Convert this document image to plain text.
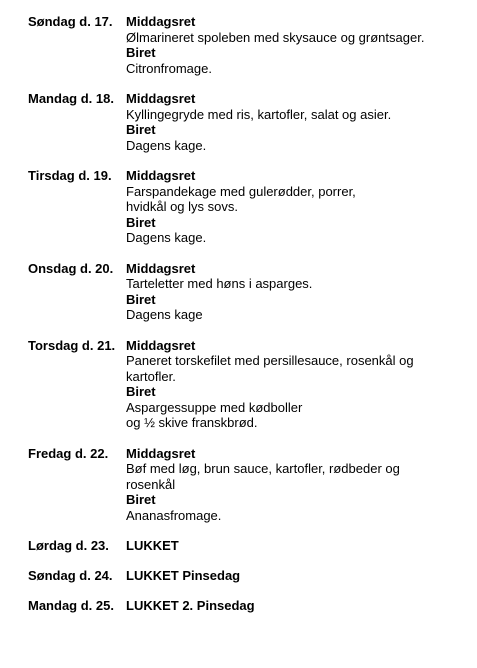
Søndag d. 17.	Middagsret
Ølmarineret spoleben med skysauce og grøntsager.
Biret
Citronfromage.
Mandag d. 18. Middagsret
Kyllingegryde med ris, kartofler, salat og asier.
Biret
Dagens kage.
Tirsdag d. 19.	Middagsret
Farspandekage med gulerødder, porrer,
hvidkål og lys sovs.
Biret
Dagens kage.
Onsdag d. 20. Middagsret
Tarteletter med høns i asparges.
Biret
Dagens kage
Torsdag d. 21. Middagsret
Paneret torskefilet med persillesauce, rosenkål og
kartofler.
Biret
Aspargessuppe med kødboller
og ½ skive franskbrød.
Fredag d. 22.	Middagsret
Bøf med løg, brun sauce, kartofler, rødbeder og
rosenkål
Biret
Ananasfromage.
Lørdag d. 23.	LUKKET
Søndag d. 24.	LUKKET Pinsedag
Mandag d. 25. LUKKET 2. Pinsedag
